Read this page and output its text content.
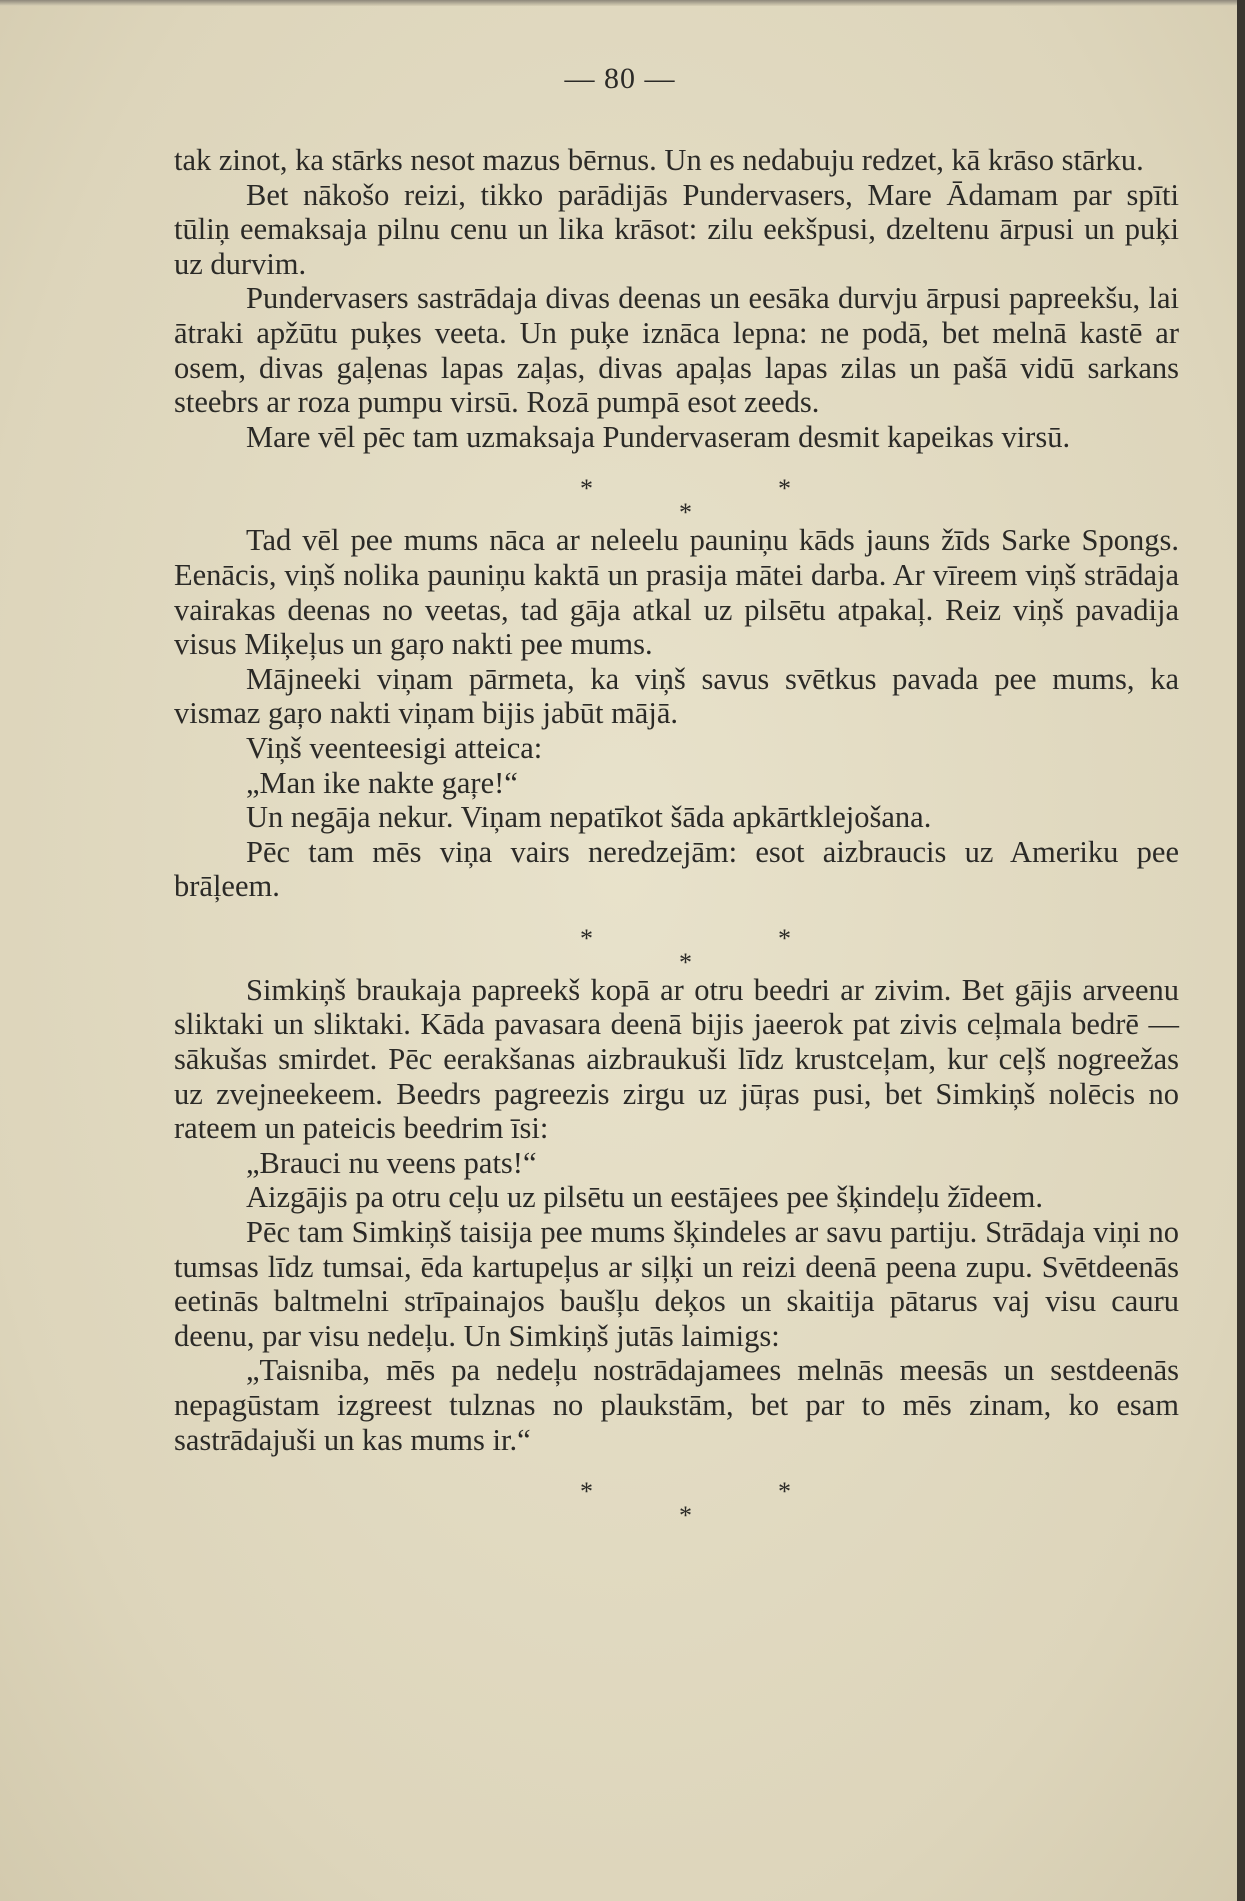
— 80 —

tak zinot, ka stārks nesot mazus bērnus. Un es nedabuju redzet, kā krāso stārku.

Bet nākošo reizi, tikko parādijās Pundervasers, Mare Ādamam par spīti tūliņ eemaksaja pilnu cenu un lika krāsot: zilu eekšpusi, dzeltenu ārpusi un puķi uz durvim.

Pundervasers sastrādaja divas deenas un eesāka durvju ārpusi papreekšu, lai ātraki apžūtu puķes veeta. Un puķe iznāca lepna: ne podā, bet melnā kastē ar osem, divas gaļenas lapas zaļas, divas apaļas lapas zilas un pašā vidū sarkans steebrs ar roza pumpu virsū. Rozā pumpā esot zeeds.

Mare vēl pēc tam uzmaksaja Pundervaseram desmit kapeikas virsū.

*	*
*

Tad vēl pee mums nāca ar neleelu pauniņu kāds jauns žīds Sarke Spongs. Eenācis, viņš nolika pauniņu kaktā un prasija mātei darba. Ar vīreem viņš strādaja vairakas deenas no veetas, tad gāja atkal uz pilsētu atpakaļ. Reiz viņš pavadija visus Miķeļus un gaŗo nakti pee mums.

Mājneeki viņam pārmeta, ka viņš savus svētkus pavada pee mums, ka vismaz gaŗo nakti viņam bijis jabūt mājā.

Viņš veenteesigi atteica:

„Man ike nakte gaŗe!“

Un negāja nekur. Viņam nepatīkot šāda apkārtklejošana.

Pēc tam mēs viņa vairs neredzejām: esot aizbraucis uz Ameriku pee brāļeem.

*	*
*

Simkiņš braukaja papreekš kopā ar otru beedri ar zivim. Bet gājis arveenu sliktaki un sliktaki. Kāda pavasara deenā bijis jaeerok pat zivis ceļmala bedrē — sākušas smirdet. Pēc eerakšanas aizbraukuši līdz krustceļam, kur ceļš nogreežas uz zvejneekeem. Beedrs pagreezis zirgu uz jūŗas pusi, bet Simkiņš nolēcis no rateem un pateicis beedrim īsi:

„Brauci nu veens pats!“

Aizgājis pa otru ceļu uz pilsētu un eestājees pee šķindeļu žīdeem.

Pēc tam Simkiņš taisija pee mums šķindeles ar savu partiju. Strādaja viņi no tumsas līdz tumsai, ēda kartupeļus ar siļķi un reizi deenā peena zupu. Svētdeenās eetinās baltmelni strīpainajos baušļu deķos un skaitija pātarus vaj visu cauru deenu, par visu nedeļu. Un Simkiņš jutās laimigs:

„Taisniba, mēs pa nedeļu nostrādajamees melnās meesās un sestdeenās nepagūstam izgreest tulznas no plaukstām, bet par to mēs zinam, ko esam sastrādajuši un kas mums ir.“

*	*
*
